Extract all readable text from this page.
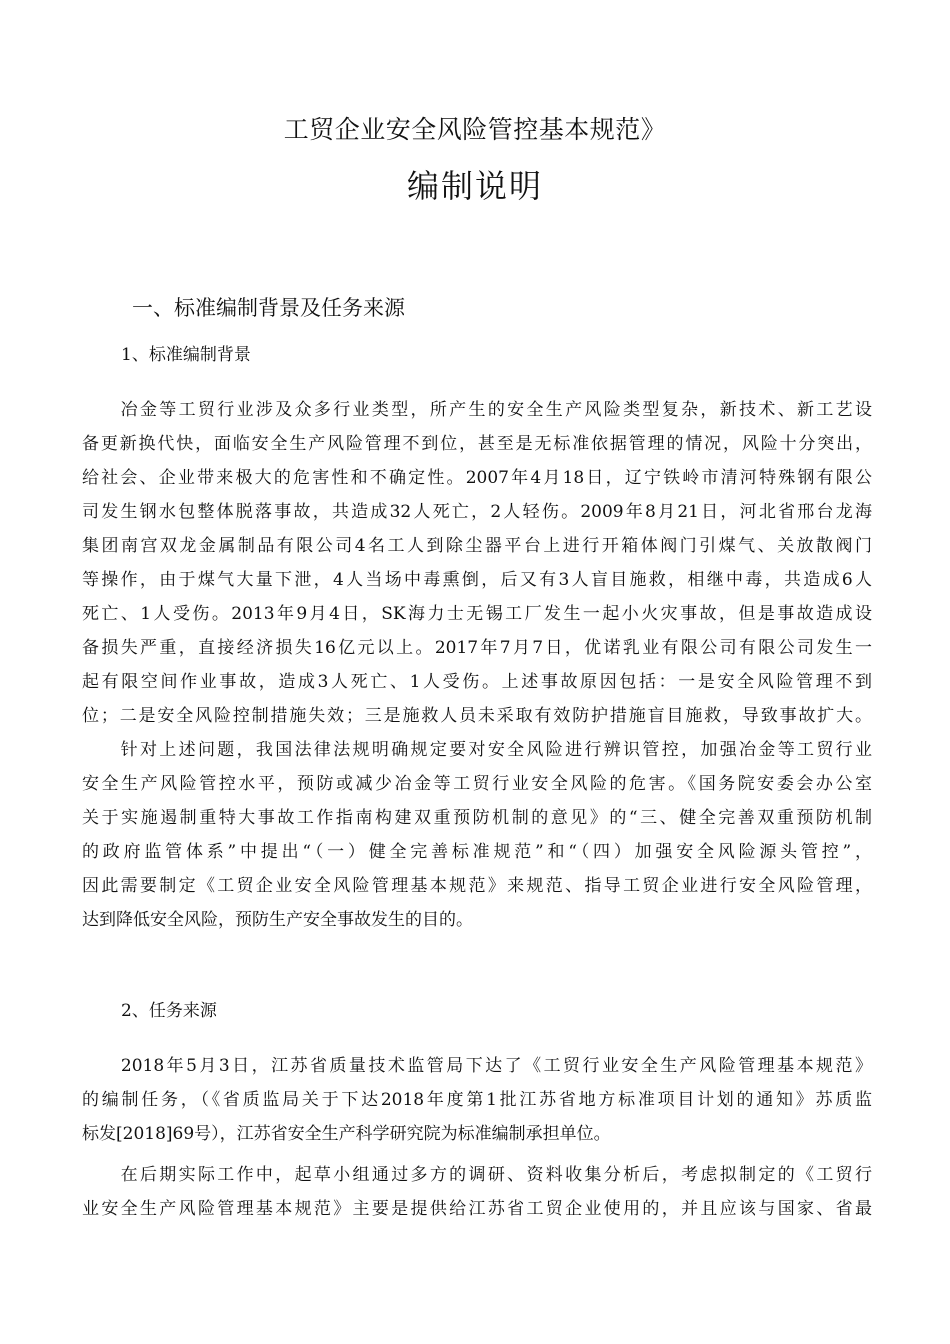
工贸企业安全风险管控基本规范》
编制说明
一、标准编制背景及任务来源
1、标准编制背景
　　冶金等工贸行业涉及众多行业类型，所产生的安全生产风险类型复杂，新技术、新工艺设
备更新换代快，面临安全生产风险管理不到位，甚至是无标准依据管理的情况，风险十分突出，
给社会、企业带来极大的危害性和不确定性。2007年4月18日，辽宁铁岭市清河特殊钢有限公
司发生钢水包整体脱落事故，共造成32人死亡，2人轻伤。2009年8月21日，河北省邢台龙海
集团南宫双龙金属制品有限公司4名工人到除尘器平台上进行开箱体阀门引煤气、关放散阀门
等操作，由于煤气大量下泄，4人当场中毒熏倒，后又有3人盲目施救，相继中毒，共造成6人
死亡、1人受伤。2013年9月4日，SK海力士无锡工厂发生一起小火灾事故，但是事故造成设
备损失严重，直接经济损失16亿元以上。2017年7月7日，优诺乳业有限公司有限公司发生一
起有限空间作业事故，造成3人死亡、1人受伤。上述事故原因包括：一是安全风险管理不到
位；二是安全风险控制措施失效；三是施救人员未采取有效防护措施盲目施救，导致事故扩大。
　　针对上述问题，我国法律法规明确规定要对安全风险进行辨识管控，加强冶金等工贸行业
安全生产风险管控水平，预防或减少冶金等工贸行业安全风险的危害。《国务院安委会办公室
关于实施遏制重特大事故工作指南构建双重预防机制的意见》的“三、健全完善双重预防机制
的政府监管体系”中提出“（一）健全完善标准规范”和“（四）加强安全风险源头管控”，
因此需要制定《工贸企业安全风险管理基本规范》来规范、指导工贸企业进行安全风险管理，
达到降低安全风险，预防生产安全事故发生的目的。
2、任务来源
　　2018年5月3日，江苏省质量技术监管局下达了《工贸行业安全生产风险管理基本规范》
的编制任务，（《省质监局关于下达2018年度第1批江苏省地方标准项目计划的通知》苏质监
标发[2018]69号），江苏省安全生产科学研究院为标准编制承担单位。
　　在后期实际工作中，起草小组通过多方的调研、资料收集分析后，考虑拟制定的《工贸行
业安全生产风险管理基本规范》主要是提供给江苏省工贸企业使用的，并且应该与国家、省最
